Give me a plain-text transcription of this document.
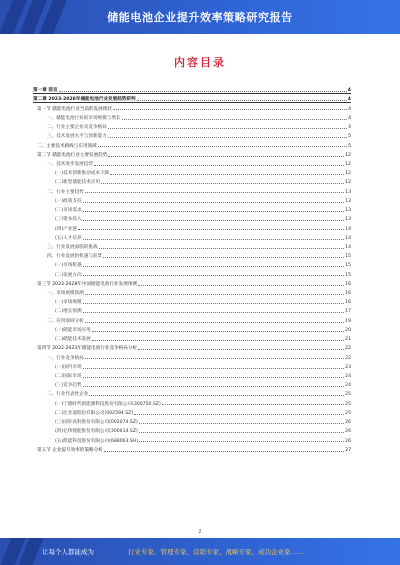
储能电池企业提升效率策略研究报告
内容目录
第一章 前言	4
第二章 2023-2028年储能电池行业发展趋势研判	4
第一节 储能电池行业当前的发展现状	4
一、储能电池行业的市场规模与增长	4
二、行业主要企业及竞争格局	4
三、技术发展水平与创新能力	5
二、主要技术路线与应用领域	5
第二节 储能电池行业主要发展趋势	12
一、技术进步发展趋势	12
(一)技术创新推动成本下降	12
(二)新型储能技术应用	12
二、行业主要趋势	13
(一)政策支持	13
(二)市场需求	13
(三)资本投入	13
(四)产业链	14
(五)人才培养	14
三、行业发展面临的挑战	14
四、行业发展的机遇与前景	15
(一)市场机遇	15
(二)发展方向	15
第三节 2023-2028年中国储能电池行业发展预测	16
一、市场规模预测	16
(一)市场规模	16
(二)增长预测	17
二、应用领域分析	19
(一)储能市场应用	20
(二)储能技术发展	21
第四节 2022-2023年储能电池行业竞争格局分析	22
一、行业竞争格局	22
(一)国内市场	23
(二)国际市场	24
(三)竞争趋势	24
二、行业代表性企业	25
(一)宁德时代新能源科技股份有限公司(300750.SZ)	25
(二)比亚迪股份有限公司(002594.SZ)	25
(三)国轩高科股份有限公司(002074.SZ)	26
(四)亿纬锂能股份有限公司(300014.SZ)	26
(五)派能科技股份有限公司(688063.SH)	26
第五节 企业提升效率的策略分析	27
2
让每个人都能成为	行业专家、管理专家、营销专家、战略专家、成功企业家……
